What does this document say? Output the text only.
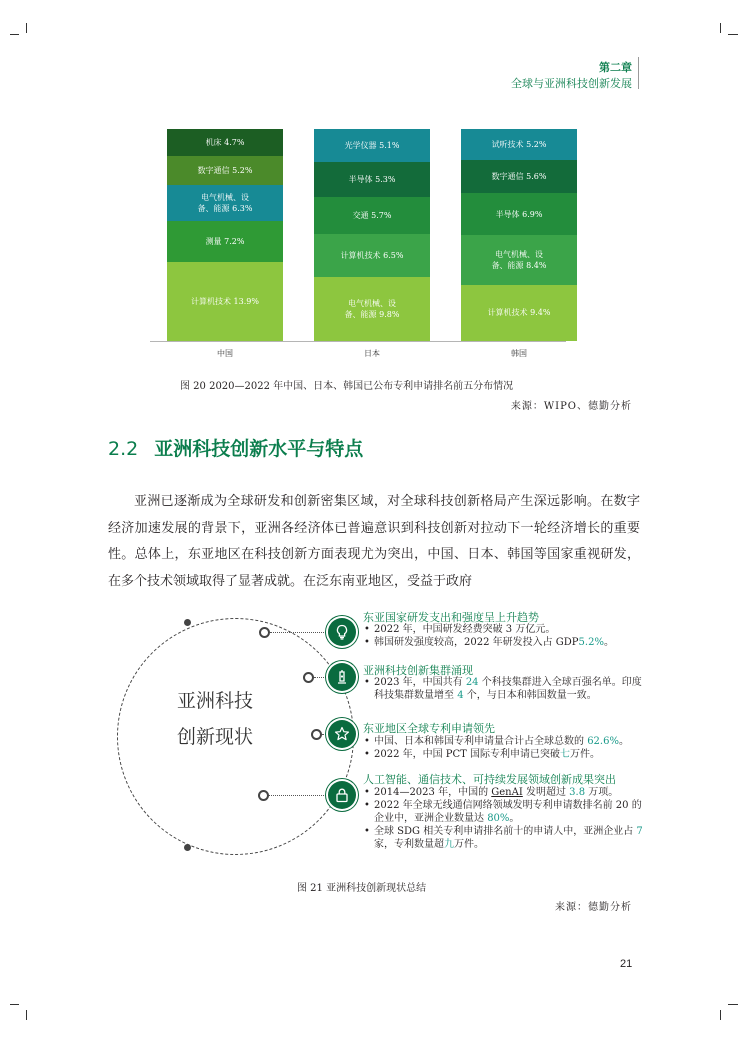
第二章
全球与亚洲科技创新发展
计算机技术 13.9%
测量 7.2%
电气机械、设
备、能源 6.3%
数字通信 5.2%
机床 4.7%
中国
电气机械、设
备、能源 9.8%
计算机技术 6.5%
交通 5.7%
半导体 5.3%
光学仪器 5.1%
日本
计算机技术 9.4%
电气机械、设
备、能源 8.4%
半导体 6.9%
数字通信 5.6%
试听技术 5.2%
韩国
图 20 2020—2022 年中国、日本、韩国已公布专利申请排名前五分布情况
来源：WIPO、德勤分析
2.2 亚洲科技创新水平与特点
亚洲已逐渐成为全球研发和创新密集区域，对全球科技创新格局产生深远影响。在数字经济加速发展的背景下，亚洲各经济体已普遍意识到科技创新对拉动下一轮经济增长的重要性。总体上，东亚地区在科技创新方面表现尤为突出，中国、日本、韩国等国家重视研发，在多个技术领域取得了显著成就。在泛东南亚地区，受益于政府
亚洲科技
创新现状
东亚国家研发支出和强度呈上升趋势
• 2022 年，中国研发经费突破 3 万亿元。
• 韩国研发强度较高，2022 年研发投入占 GDP5.2%。
亚洲科技创新集群涌现
• 2023 年，中国共有 24 个科技集群进入全球百强名单。印度科技集群数量增至 4 个，与日本和韩国数量一致。
东亚地区全球专利申请领先
• 中国、日本和韩国专利申请量合计占全球总数的 62.6%。
• 2022 年，中国 PCT 国际专利申请已突破七万件。
人工智能、通信技术、可持续发展领域创新成果突出
• 2014—2023 年，中国的 GenAI 发明超过 3.8 万项。
• 2022 年全球无线通信网络领域发明专利申请数排名前 20 的企业中，亚洲企业数量达 80%。
• 全球 SDG 相关专利申请排名前十的申请人中，亚洲企业占 7 家，专利数量超九万件。
图 21 亚洲科技创新现状总结
来源：德勤分析
21
